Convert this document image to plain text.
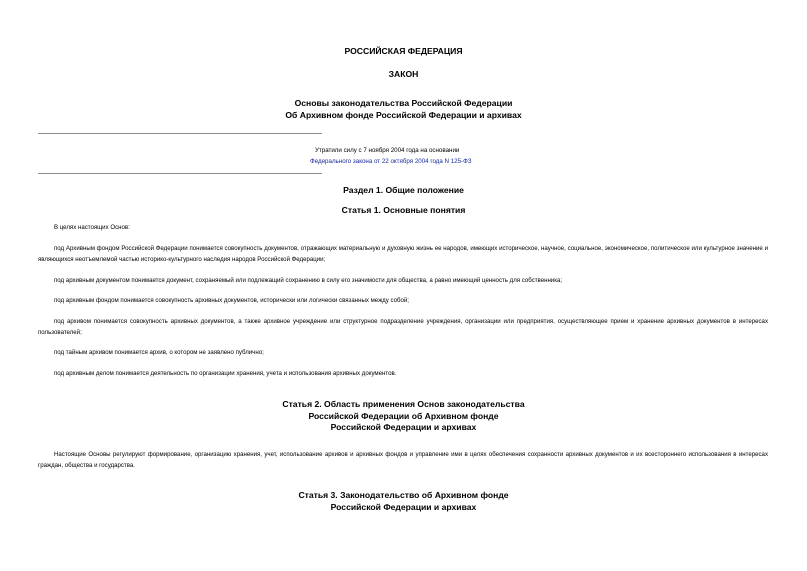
РОССИЙСКАЯ ФЕДЕРАЦИЯ
ЗАКОН
Основы законодательства Российской Федерации
Об Архивном фонде Российской Федерации и архивах
Утратили силу с 7 ноября 2004 года на основании
Федерального закона от 22 октября 2004 года N 125-ФЗ
Раздел 1. Общие положение
Статья 1. Основные понятия
В целях настоящих Основ:
под Архивным фондом Российской Федерации понимается совокупность документов, отражающих материальную и духовную жизнь ее народов, имеющих историческое, научное, социальное, экономическое, политическое или культурное значение и являющихся неотъемлемой частью историко-культурного наследия народов Российской Федерации;
под архивным документом понимается документ, сохраняемый или подлежащий сохранению в силу его значимости для общества, а равно имеющий ценность для собственника;
под архивным фондом понимается совокупность архивных документов, исторически или логически связанных между собой;
под архивом понимается совокупность архивных документов, а также архивное учреждение или структурное подразделение учреждения, организации или предприятия, осуществляющее прием и хранение архивных документов в интересах пользователей;
под тайным архивом понимается архив, о котором не заявлено публично;
под архивным делом понимается деятельность по организации хранения, учета и использования архивных документов.
Статья 2. Область применения Основ законодательства
Российской Федерации об Архивном фонде
Российской Федерации и архивах
Настоящие Основы регулируют формирование, организацию хранения, учет, использование архивов и архивных фондов и управление ими в целях обеспечения сохранности архивных документов и их всестороннего использования в интересах граждан, общества и государства.
Статья 3. Законодательство об Архивном фонде
Российской Федерации и архивах
